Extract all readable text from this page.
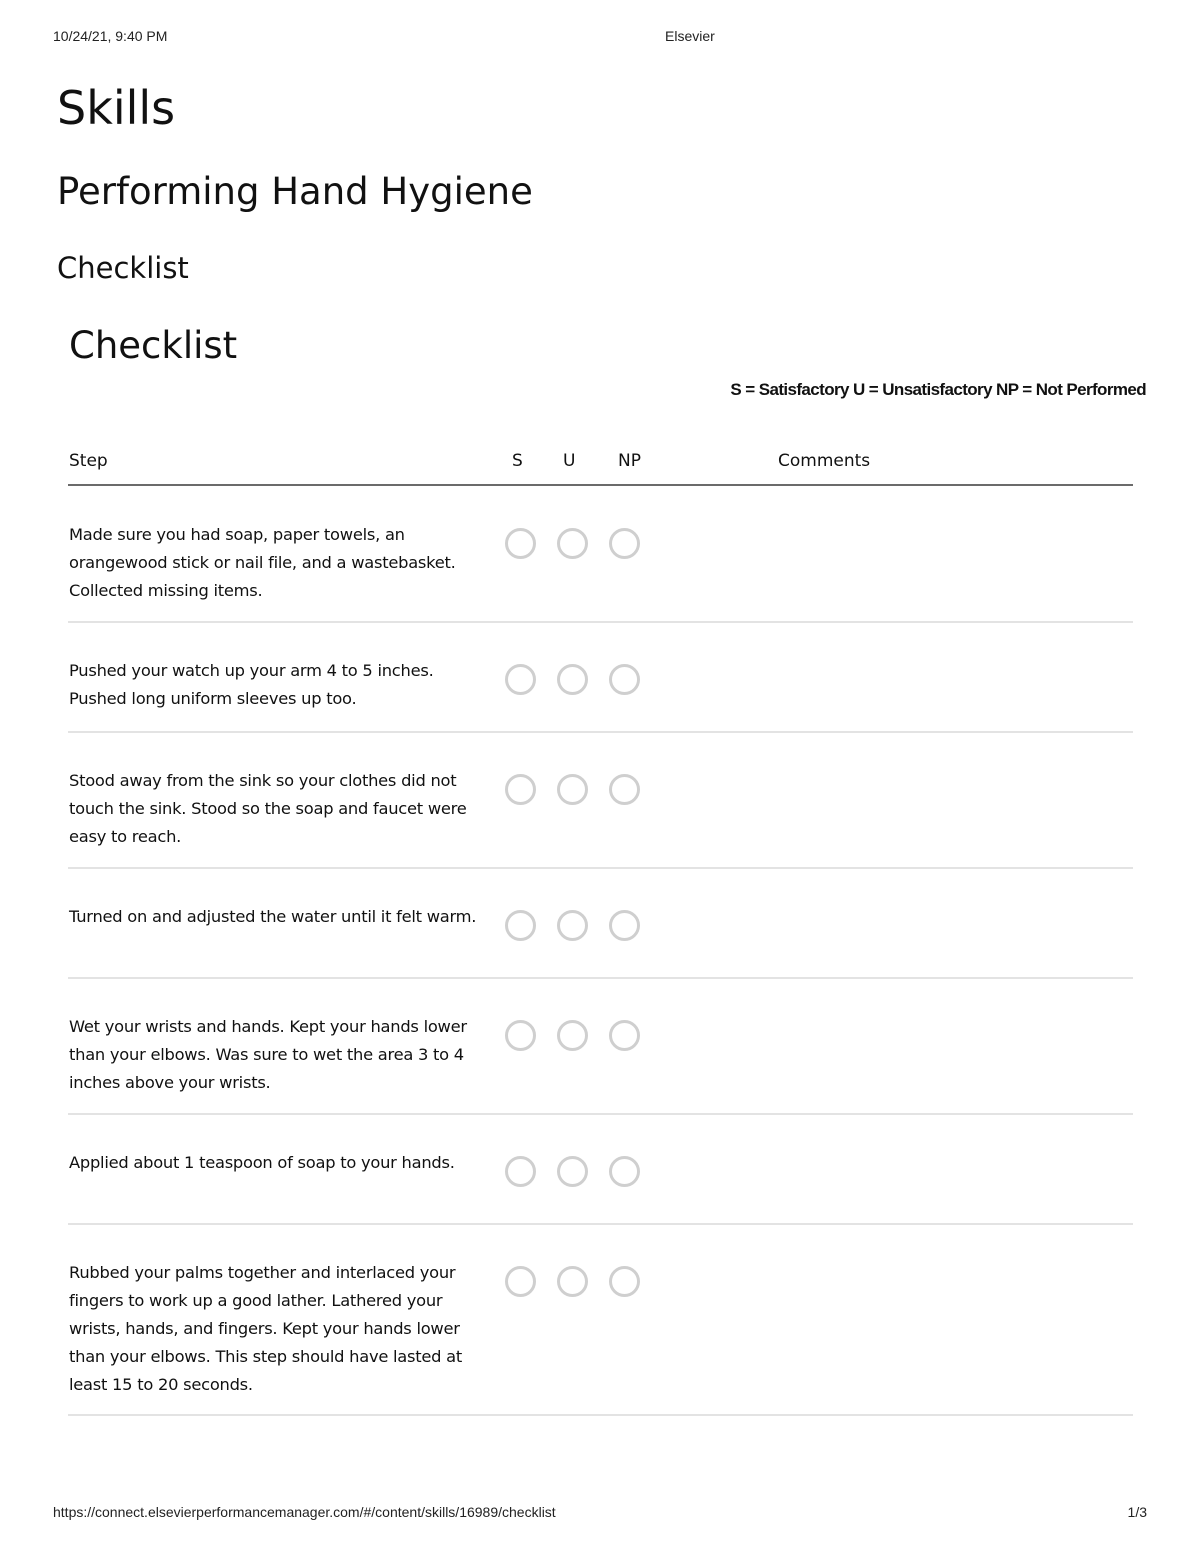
10/24/21, 9:40 PM	Elsevier
Skills
Performing Hand Hygiene
Checklist
Checklist
S = Satisfactory U = Unsatisfactory NP = Not Performed
Step	S U	NP	Comments
Made sure you had soap, paper towels, an orangewood stick or nail file, and a wastebasket. Collected missing items.
Pushed your watch up your arm 4 to 5 inches. Pushed long uniform sleeves up too.
Stood away from the sink so your clothes did not touch the sink. Stood so the soap and faucet were easy to reach.
Turned on and adjusted the water until it felt warm.
Wet your wrists and hands. Kept your hands lower than your elbows. Was sure to wet the area 3 to 4 inches above your wrists.
Applied about 1 teaspoon of soap to your hands.
Rubbed your palms together and interlaced your fingers to work up a good lather. Lathered your wrists, hands, and fingers. Kept your hands lower than your elbows. This step should have lasted at least 15 to 20 seconds.
https://connect.elsevierperformancemanager.com/#/content/skills/16989/checklist	1/3
